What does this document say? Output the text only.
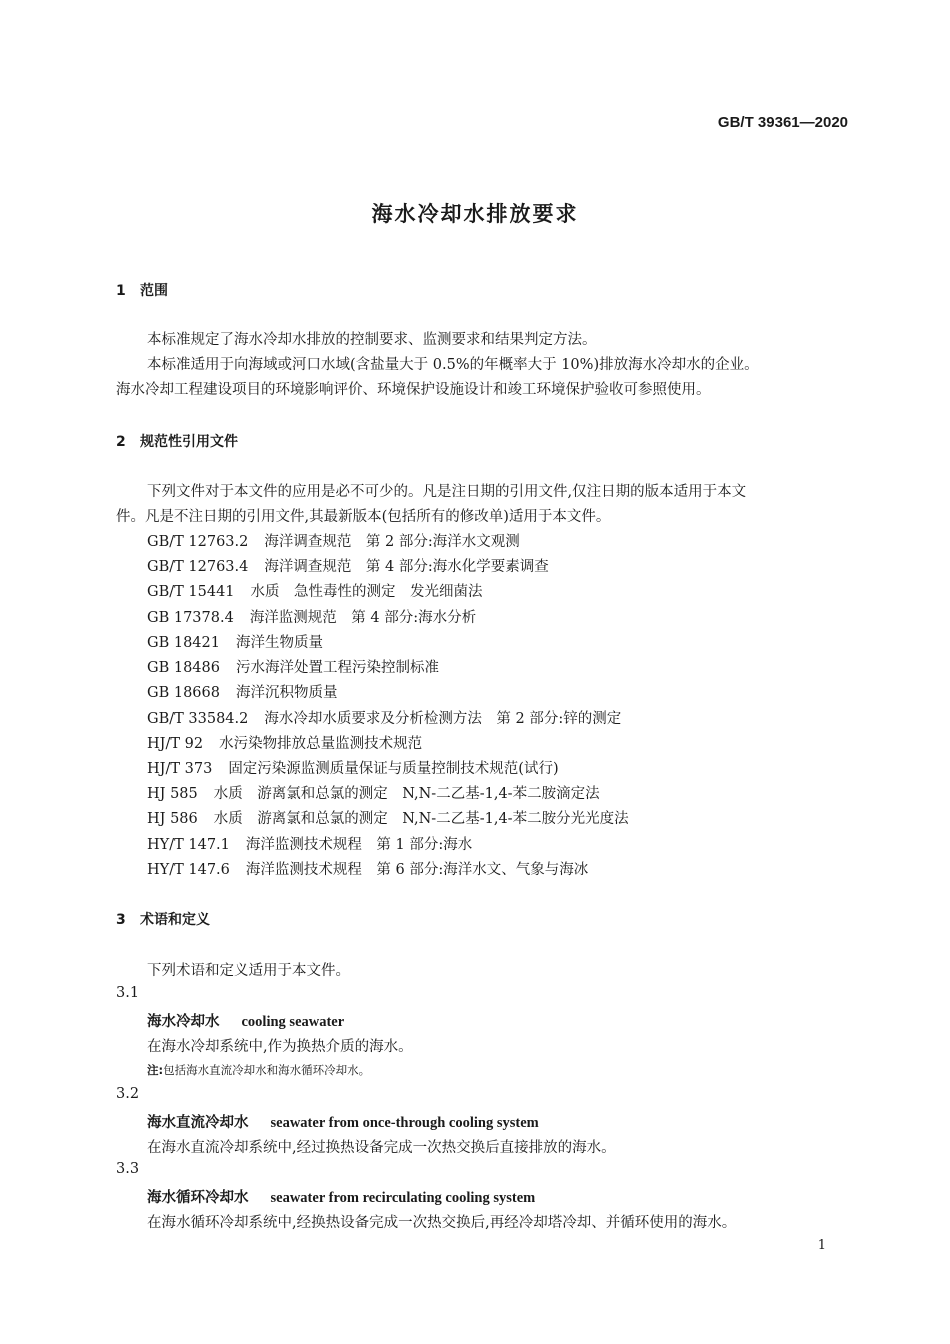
GB/T 39361—2020
海水冷却水排放要求
1 范围
本标准规定了海水冷却水排放的控制要求、监测要求和结果判定方法。
本标准适用于向海域或河口水域(含盐量大于 0.5%的年概率大于 10%)排放海水冷却水的企业。
海水冷却工程建设项目的环境影响评价、环境保护设施设计和竣工环境保护验收可参照使用。
2 规范性引用文件
下列文件对于本文件的应用是必不可少的。凡是注日期的引用文件,仅注日期的版本适用于本文
件。凡是不注日期的引用文件,其最新版本(包括所有的修改单)适用于本文件。
GB/T 12763.2 海洋调查规范　第 2 部分:海洋水文观测
GB/T 12763.4 海洋调查规范　第 4 部分:海水化学要素调查
GB/T 15441 水质　急性毒性的测定　发光细菌法
GB 17378.4 海洋监测规范　第 4 部分:海水分析
GB 18421 海洋生物质量
GB 18486 污水海洋处置工程污染控制标准
GB 18668 海洋沉积物质量
GB/T 33584.2 海水冷却水质要求及分析检测方法　第 2 部分:锌的测定
HJ/T 92 水污染物排放总量监测技术规范
HJ/T 373 固定污染源监测质量保证与质量控制技术规范(试行)
HJ 585 水质　游离氯和总氯的测定　N,N-二乙基-1,4-苯二胺滴定法
HJ 586 水质　游离氯和总氯的测定　N,N-二乙基-1,4-苯二胺分光光度法
HY/T 147.1 海洋监测技术规程　第 1 部分:海水
HY/T 147.6 海洋监测技术规程　第 6 部分:海洋水文、气象与海冰
3 术语和定义
下列术语和定义适用于本文件。
3.1
海水冷却水 cooling seawater
在海水冷却系统中,作为换热介质的海水。
注:包括海水直流冷却水和海水循环冷却水。
3.2
海水直流冷却水 seawater from once-through cooling system
在海水直流冷却系统中,经过换热设备完成一次热交换后直接排放的海水。
3.3
海水循环冷却水 seawater from recirculating cooling system
在海水循环冷却系统中,经换热设备完成一次热交换后,再经冷却塔冷却、并循环使用的海水。
1
